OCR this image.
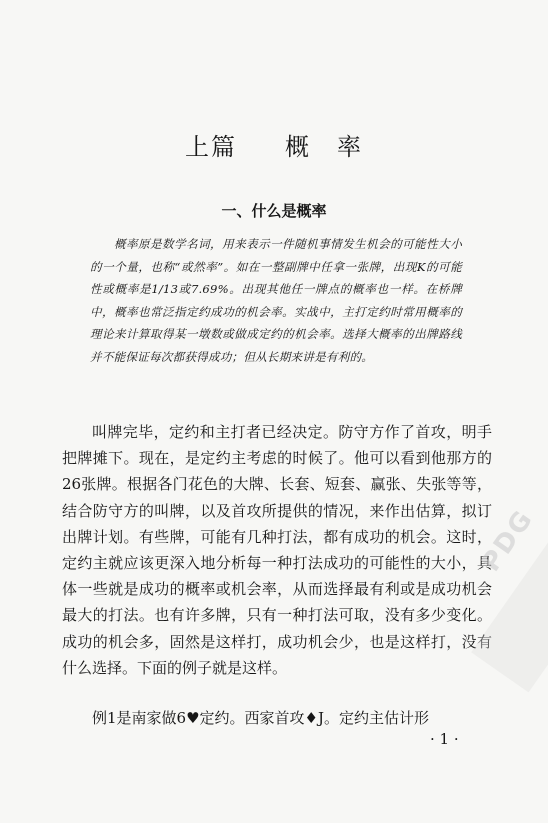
上篇 概　率
一、什么是概率

概率原是数学名词，用来表示一件随机事情发生机会的可能性大小的一个量，也称“或然率”。如在一整副牌中任拿一张牌，出现K的可能性或概率是1/13或7.69%。出现其他任一牌点的概率也一样。在桥牌中，概率也常泛指定约成功的机会率。实战中，主打定约时常用概率的理论来计算取得某一墩数或做成定约的机会率。选择大概率的出牌路线并不能保证每次都获得成功；但从长期来讲是有利的。

叫牌完毕，定约和主打者已经决定。防守方作了首攻，明手把牌摊下。现在，是定约主考虑的时候了。他可以看到他那方的26张牌。根据各门花色的大牌、长套、短套、赢张、失张等等，结合防守方的叫牌，以及首攻所提供的情况，来作出估算，拟订出牌计划。有些牌，可能有几种打法，都有成功的机会。这时，定约主就应该更深入地分析每一种打法成功的可能性的大小，具体一些就是成功的概率或机会率，从而选择最有利或是成功机会最大的打法。也有许多牌，只有一种打法可取，没有多少变化。成功的机会多，固然是这样打，成功机会少，也是这样打，没有什么选择。下面的例子就是这样。

例1是南家做6♥定约。西家首攻♦J。定约主估计形

· 1 ·
PDG
